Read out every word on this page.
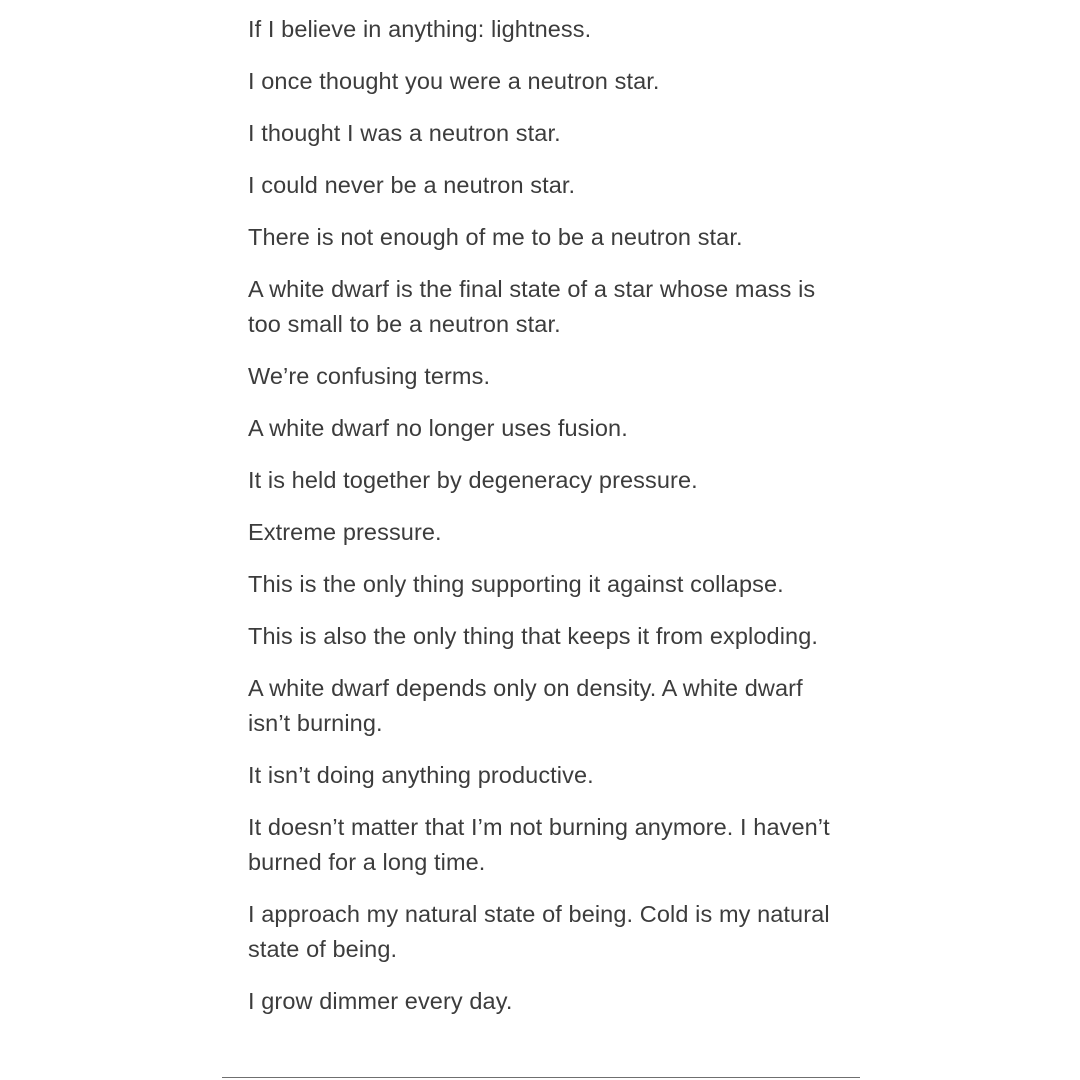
If I believe in anything: lightness.

I once thought you were a neutron star.

I thought I was a neutron star.

I could never be a neutron star.

There is not enough of me to be a neutron star.

A white dwarf is the final state of a star whose mass is too small to be a neutron star.

We’re confusing terms.

A white dwarf no longer uses fusion.

It is held together by degeneracy pressure.

Extreme pressure.

This is the only thing supporting it against collapse.

This is also the only thing that keeps it from exploding.

A white dwarf depends only on density. A white dwarf isn’t burning.

It isn’t doing anything productive.

It doesn’t matter that I’m not burning anymore. I haven’t burned for a long time.

I approach my natural state of being. Cold is my natural state of being.

I grow dimmer every day.
